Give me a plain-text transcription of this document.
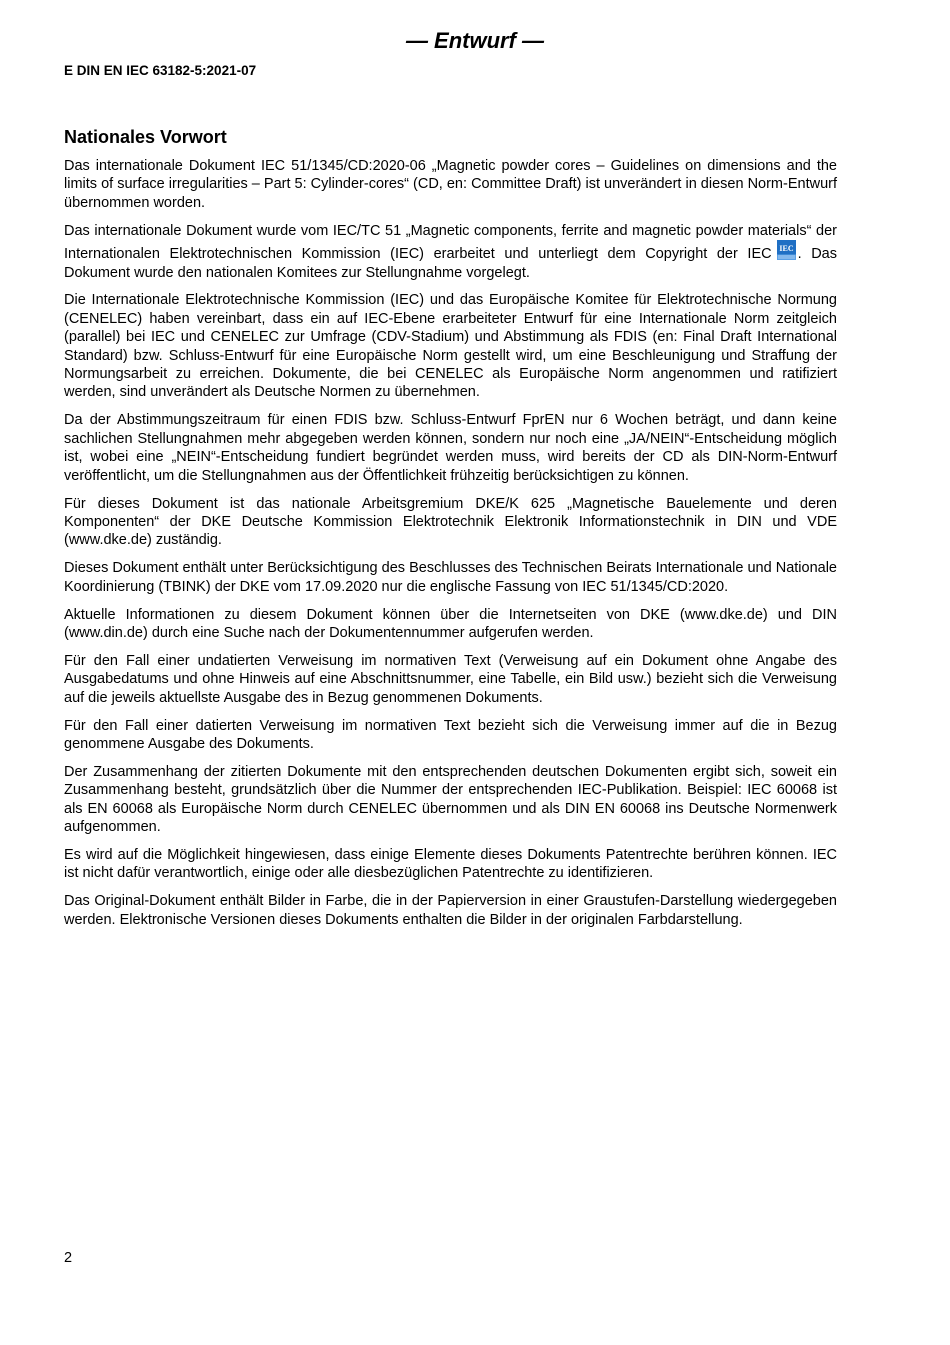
— Entwurf —
E DIN EN IEC 63182-5:2021-07
Nationales Vorwort

Das internationale Dokument IEC 51/1345/CD:2020-06 „Magnetic powder cores – Guidelines on dimensions and the limits of surface irregularities – Part 5: Cylinder-cores“ (CD, en: Committee Draft) ist unverändert in diesen Norm-Entwurf übernommen worden.

Das internationale Dokument wurde vom IEC/TC 51 „Magnetic components, ferrite and magnetic powder materials“ der Internationalen Elektrotechnischen Kommission (IEC) erarbeitet und unterliegt dem Copyright der IEC IEC . Das Dokument wurde den nationalen Komitees zur Stellungnahme vorgelegt.

Die Internationale Elektrotechnische Kommission (IEC) und das Europäische Komitee für Elektrotechnische Normung (CENELEC) haben vereinbart, dass ein auf IEC-Ebene erarbeiteter Entwurf für eine Internationale Norm zeitgleich (parallel) bei IEC und CENELEC zur Umfrage (CDV-Stadium) und Abstimmung als FDIS (en: Final Draft International Standard) bzw. Schluss-Entwurf für eine Europäische Norm gestellt wird, um eine Beschleunigung und Straffung der Normungsarbeit zu erreichen. Dokumente, die bei CENELEC als Europäische Norm angenommen und ratifiziert werden, sind unverändert als Deutsche Normen zu übernehmen.

Da der Abstimmungszeitraum für einen FDIS bzw. Schluss-Entwurf FprEN nur 6 Wochen beträgt, und dann keine sachlichen Stellungnahmen mehr abgegeben werden können, sondern nur noch eine „JA/NEIN“-Entscheidung möglich ist, wobei eine „NEIN“-Entscheidung fundiert begründet werden muss, wird bereits der CD als DIN-Norm-Entwurf veröffentlicht, um die Stellungnahmen aus der Öffentlichkeit frühzeitig berücksichtigen zu können.

Für dieses Dokument ist das nationale Arbeitsgremium DKE/K 625 „Magnetische Bauelemente und deren Komponenten“ der DKE Deutsche Kommission Elektrotechnik Elektronik Informationstechnik in DIN und VDE (www.dke.de) zuständig.

Dieses Dokument enthält unter Berücksichtigung des Beschlusses des Technischen Beirats Internationale und Nationale Koordinierung (TBINK) der DKE vom 17.09.2020 nur die englische Fassung von IEC 51/1345/CD:2020.

Aktuelle Informationen zu diesem Dokument können über die Internetseiten von DKE (www.dke.de) und DIN (www.din.de) durch eine Suche nach der Dokumentennummer aufgerufen werden.

Für den Fall einer undatierten Verweisung im normativen Text (Verweisung auf ein Dokument ohne Angabe des Ausgabedatums und ohne Hinweis auf eine Abschnittsnummer, eine Tabelle, ein Bild usw.) bezieht sich die Verweisung auf die jeweils aktuellste Ausgabe des in Bezug genommenen Dokuments.

Für den Fall einer datierten Verweisung im normativen Text bezieht sich die Verweisung immer auf die in Bezug genommene Ausgabe des Dokuments.

Der Zusammenhang der zitierten Dokumente mit den entsprechenden deutschen Dokumenten ergibt sich, soweit ein Zusammenhang besteht, grundsätzlich über die Nummer der entsprechenden IEC-Publikation. Beispiel: IEC 60068 ist als EN 60068 als Europäische Norm durch CENELEC übernommen und als DIN EN 60068 ins Deutsche Normenwerk aufgenommen.

Es wird auf die Möglichkeit hingewiesen, dass einige Elemente dieses Dokuments Patentrechte berühren können. IEC ist nicht dafür verantwortlich, einige oder alle diesbezüglichen Patentrechte zu identifizieren.

Das Original-Dokument enthält Bilder in Farbe, die in der Papierversion in einer Graustufen-Darstellung wiedergegeben werden. Elektronische Versionen dieses Dokuments enthalten die Bilder in der originalen Farbdarstellung.

2
